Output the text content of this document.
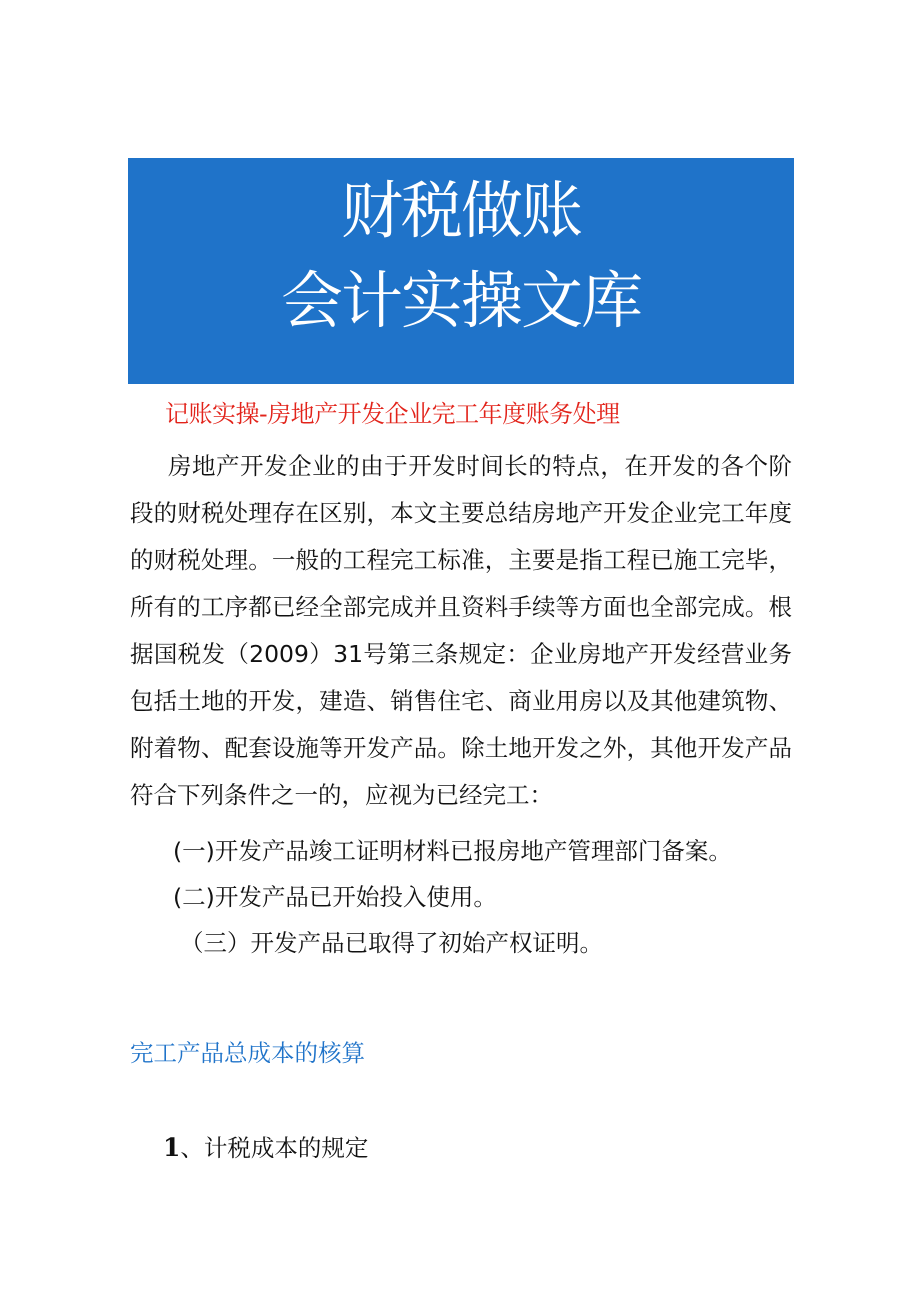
财税做账
会计实操文库
记账实操-房地产开发企业完工年度账务处理

房地产开发企业的由于开发时间长的特点，在开发的各个阶段的财税处理存在区别，本文主要总结房地产开发企业完工年度的财税处理。一般的工程完工标准，主要是指工程已施工完毕，所有的工序都已经全部完成并且资料手续等方面也全部完成。根据国税发（2009）31号第三条规定：企业房地产开发经营业务包括土地的开发，建造、销售住宅、商业用房以及其他建筑物、附着物、配套设施等开发产品。除土地开发之外，其他开发产品符合下列条件之一的，应视为已经完工：

(一)开发产品竣工证明材料已报房地产管理部门备案。
(二)开发产品已开始投入使用。
（三）开发产品已取得了初始产权证明。
完工产品总成本的核算
1、计税成本的规定
